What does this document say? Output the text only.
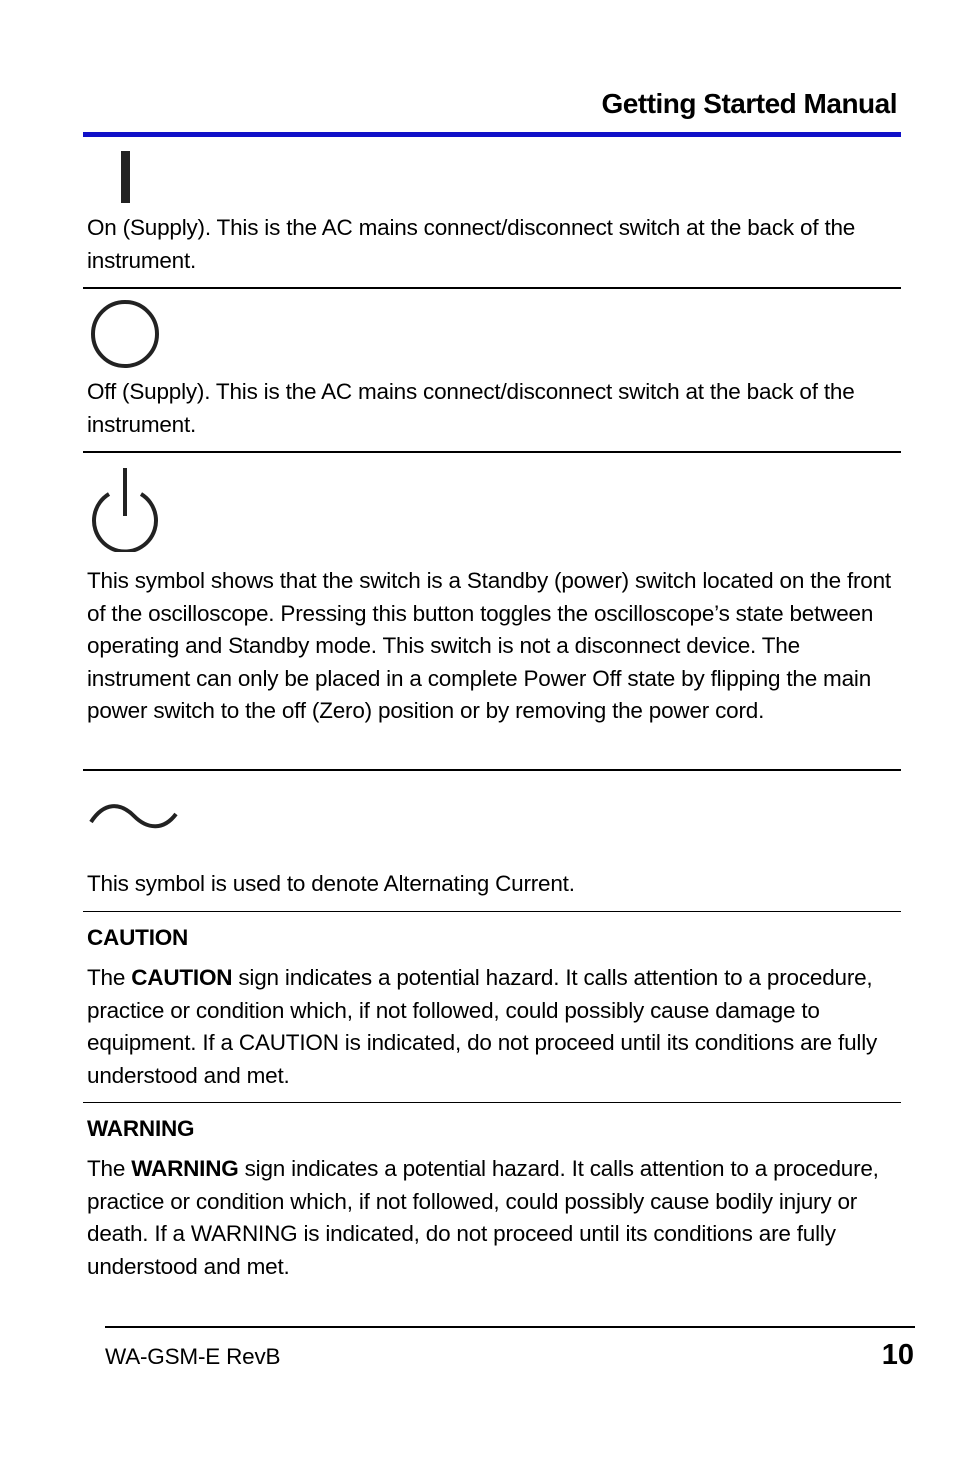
Getting Started Manual

On (Supply). This is the AC mains connect/disconnect switch at the back of the instrument.

Off (Supply). This is the AC mains connect/disconnect switch at the back of the instrument.

This symbol shows that the switch is a Standby (power) switch located on the front of the oscilloscope. Pressing this button toggles the oscilloscope’s state between operating and Standby mode. This switch is not a disconnect device. The instrument can only be placed in a complete Power Off state by flipping the main power switch to the off (Zero) position or by removing the power cord.

This symbol is used to denote Alternating Current.

CAUTION

The CAUTION sign indicates a potential hazard. It calls attention to a procedure, practice or condition which, if not followed, could possibly cause damage to equipment. If a CAUTION is indicated, do not proceed until its conditions are fully understood and met.

WARNING

The WARNING sign indicates a potential hazard. It calls attention to a procedure, practice or condition which, if not followed, could possibly cause bodily injury or death. If a WARNING is indicated, do not proceed until its conditions are fully understood and met.

WA-GSM-E RevB	10
